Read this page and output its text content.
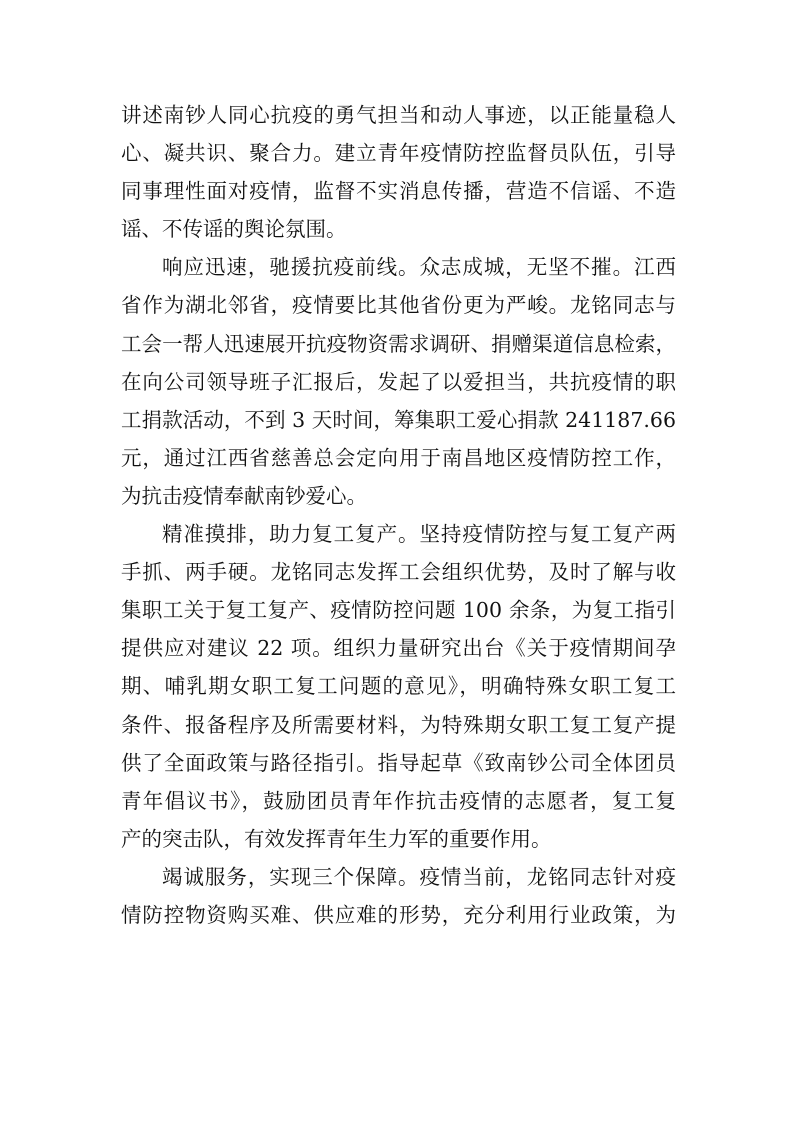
讲述南钞人同心抗疫的勇气担当和动人事迹，以正能量稳人
心、凝共识、聚合力。建立青年疫情防控监督员队伍，引导
同事理性面对疫情，监督不实消息传播，营造不信谣、不造
谣、不传谣的舆论氛围。
响应迅速，驰援抗疫前线。众志成城，无坚不摧。江西
省作为湖北邻省，疫情要比其他省份更为严峻。龙铭同志与
工会一帮人迅速展开抗疫物资需求调研、捐赠渠道信息检索，
在向公司领导班子汇报后，发起了以爱担当，共抗疫情的职
工捐款活动，不到 3 天时间，筹集职工爱心捐款 241187.66
元，通过江西省慈善总会定向用于南昌地区疫情防控工作，
为抗击疫情奉献南钞爱心。
精准摸排，助力复工复产。坚持疫情防控与复工复产两
手抓、两手硬。龙铭同志发挥工会组织优势，及时了解与收
集职工关于复工复产、疫情防控问题 100 余条，为复工指引
提供应对建议 22 项。组织力量研究出台《关于疫情期间孕
期、哺乳期女职工复工问题的意见》，明确特殊女职工复工
条件、报备程序及所需要材料，为特殊期女职工复工复产提
供了全面政策与路径指引。指导起草《致南钞公司全体团员
青年倡议书》，鼓励团员青年作抗击疫情的志愿者，复工复
产的突击队，有效发挥青年生力军的重要作用。
竭诚服务，实现三个保障。疫情当前，龙铭同志针对疫
情防控物资购买难、供应难的形势，充分利用行业政策，为
